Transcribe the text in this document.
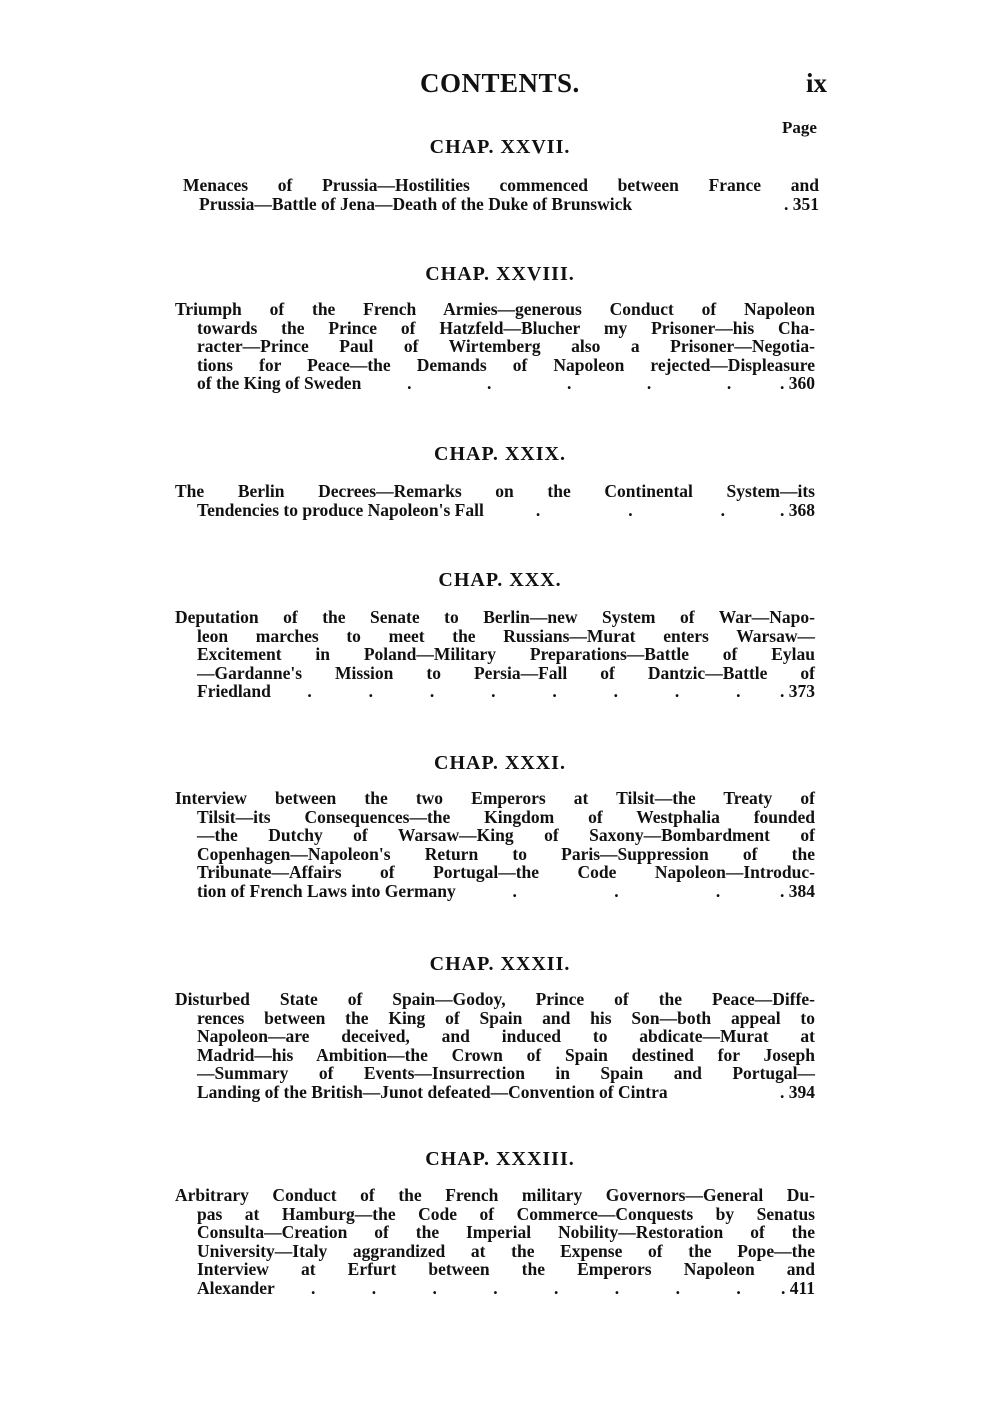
CONTENTS.	ix
Page
CHAP. XXVII.
Menaces of Prussia—Hostilities commenced between France and
Prussia—Battle of Jena—Death of the Duke of Brunswick	. 351
CHAP. XXVIII.
Triumph of the French Armies—generous Conduct of Napoleon
towards the Prince of Hatzfeld—Blucher my Prisoner—his Cha-
racter—Prince Paul of Wirtemberg also a Prisoner—Negotia-
tions for Peace—the Demands of Napoleon rejected—Displeasure
of the King of Sweden	.	.	.	.	.	. 360
CHAP. XXIX.
The Berlin Decrees—Remarks on the Continental System—its
Tendencies to produce Napoleon's Fall	.	.	.	. 368
CHAP. XXX.
Deputation of the Senate to Berlin—new System of War—Napo-
leon marches to meet the Russians—Murat enters Warsaw—
Excitement in Poland—Military Preparations—Battle of Eylau
—Gardanne's Mission to Persia—Fall of Dantzic—Battle of
Friedland .	.	.	.	.	.	.	. . 373
CHAP. XXXI.
Interview between the two Emperors at Tilsit—the Treaty of
Tilsit—its Consequences—the Kingdom of Westphalia founded
—the Dutchy of Warsaw—King of Saxony—Bombardment of
Copenhagen—Napoleon's Return to Paris—Suppression of the
Tribunate—Affairs of Portugal—the Code Napoleon—Introduc-
tion of French Laws into Germany	.	.	.	. 384
CHAP. XXXII.
Disturbed State of Spain—Godoy, Prince of the Peace—Diffe-
rences between the King of Spain and his Son—both appeal to
Napoleon—are deceived, and induced to abdicate—Murat at
Madrid—his Ambition—the Crown of Spain destined for Joseph
—Summary of Events—Insurrection in Spain and Portugal—
Landing of the British—Junot defeated—Convention of Cintra	. 394
CHAP. XXXIII.
Arbitrary Conduct of the French military Governors—General Du-
pas at Hamburg—the Code of Commerce—Conquests by Senatus
Consulta—Creation of the Imperial Nobility—Restoration of the
University—Italy aggrandized at the Expense of the Pope—the
Interview at Erfurt between the Emperors Napoleon and
Alexander .	.	.	.	.	.	.	. . 411
